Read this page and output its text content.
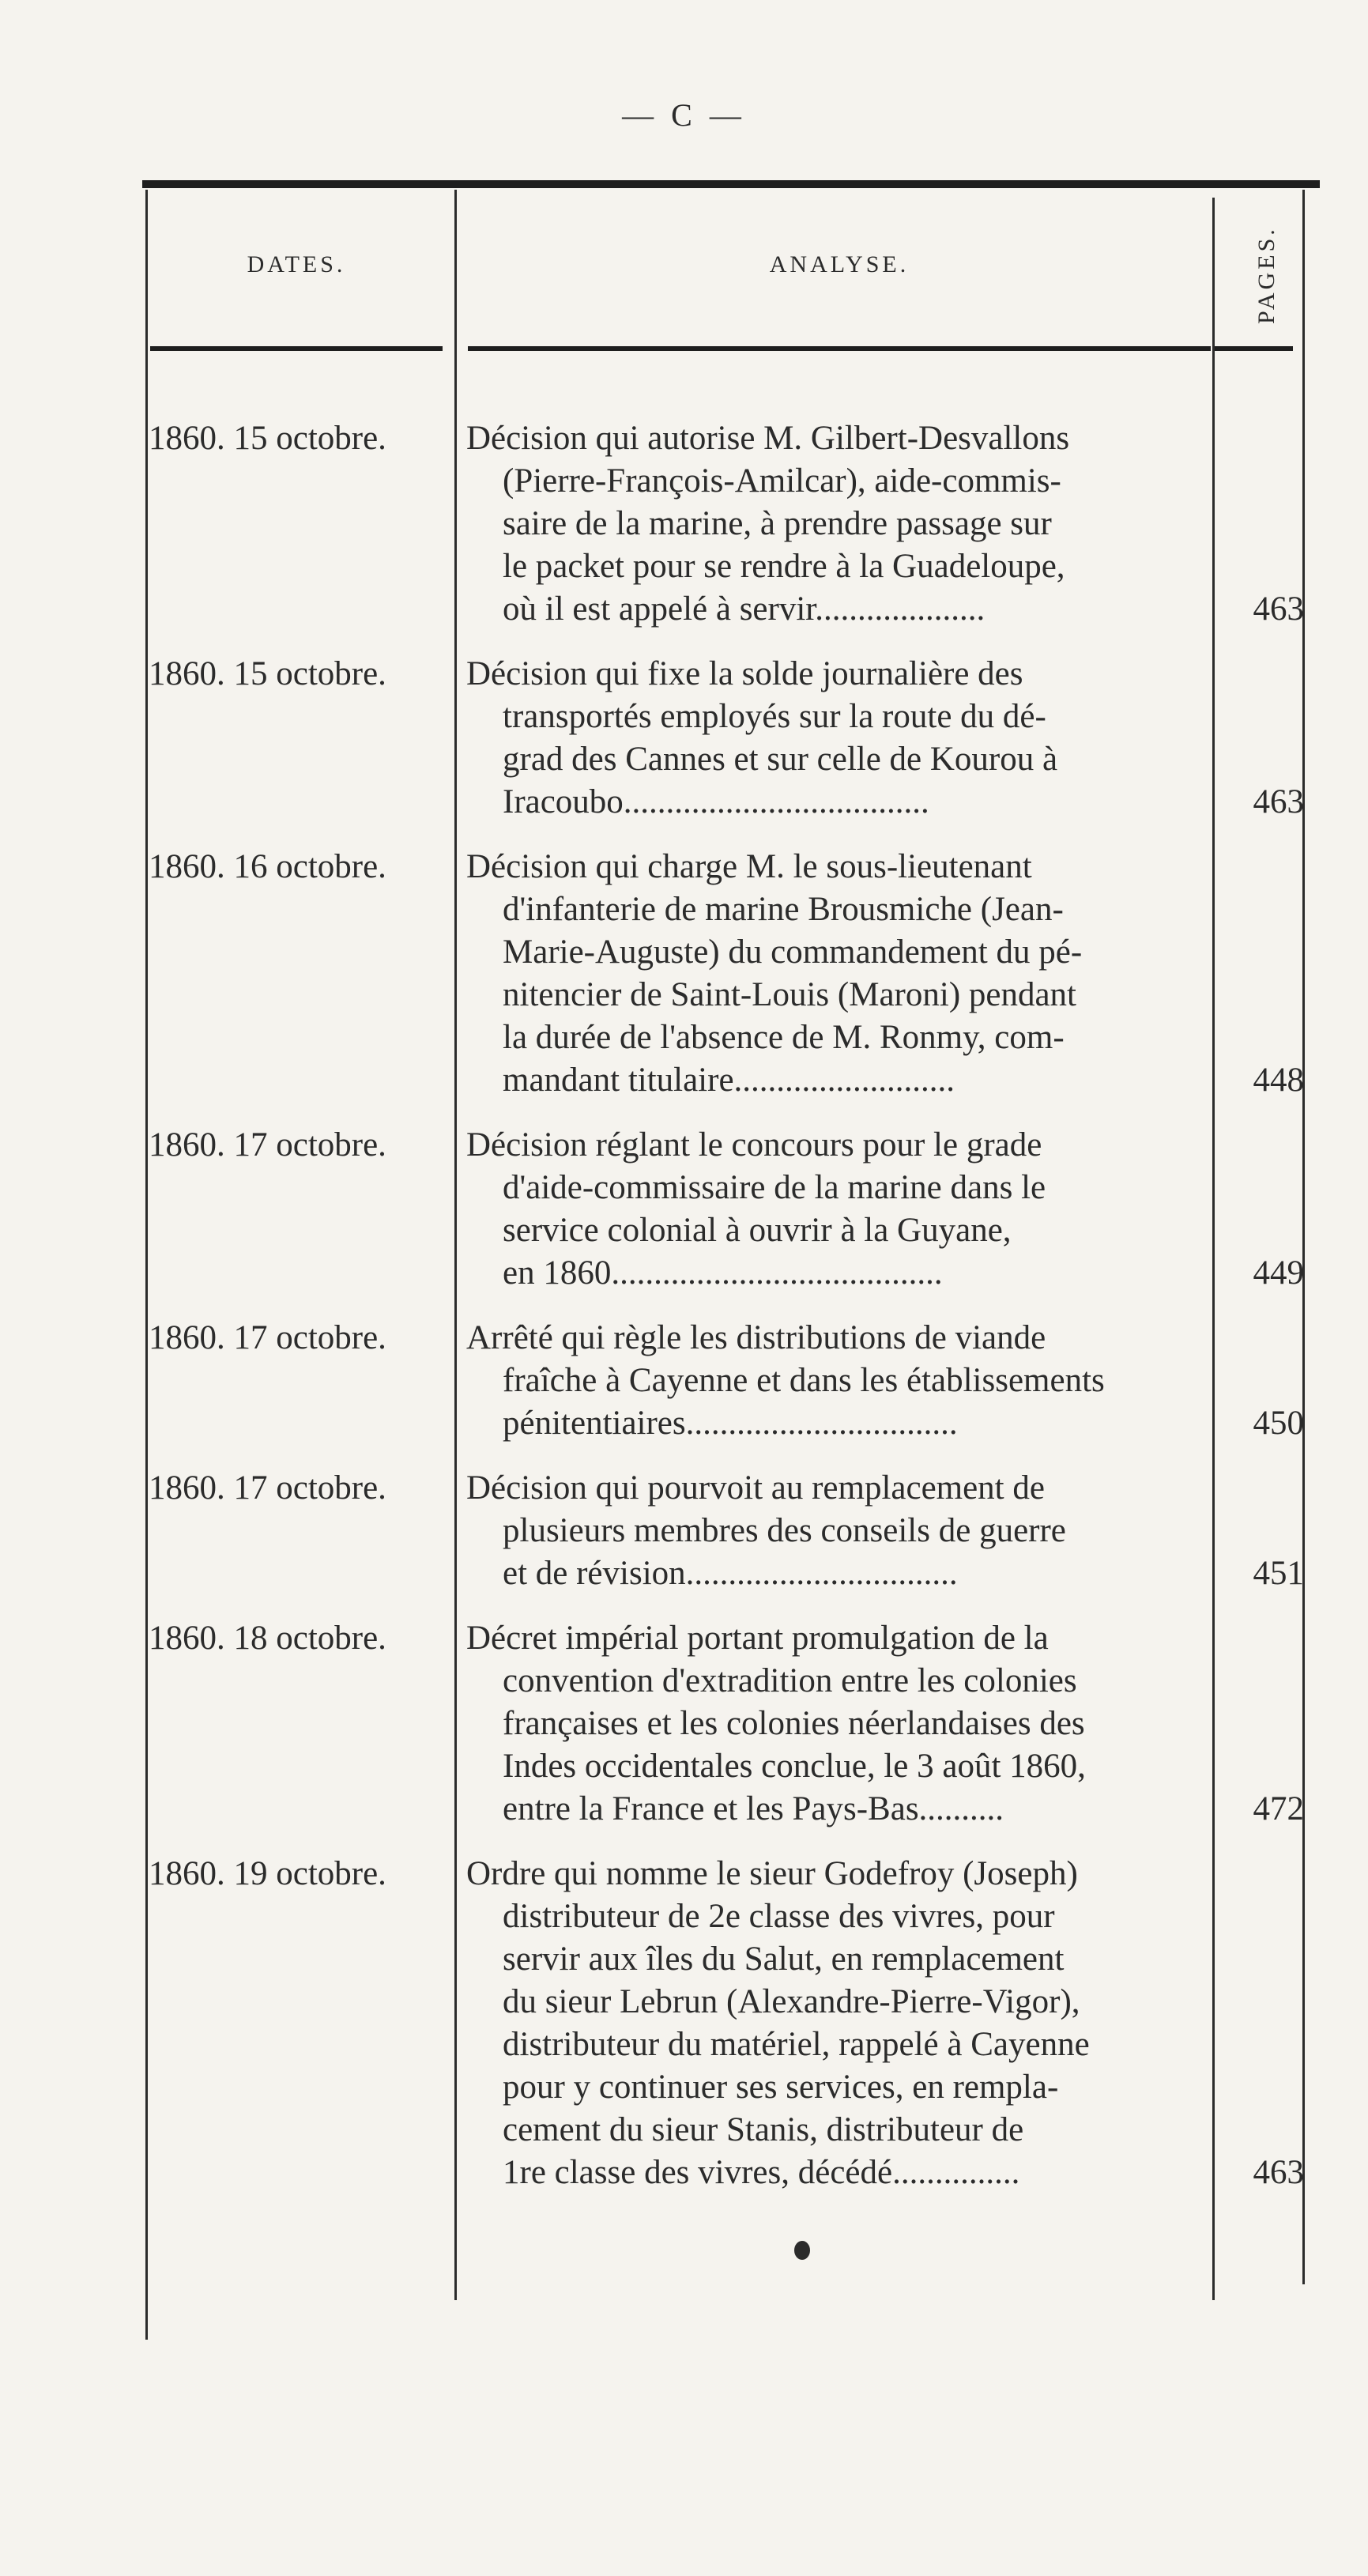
— C —
DATES.	ANALYSE.	PAGES.
1860. 15 octobre. Décision qui autorise M. Gilbert-Desvallons

(Pierre-François-Amilcar), aide-commis-

saire de la marine, à prendre passage sur

le packet pour se rendre à la Guadeloupe,

où il est appelé à servir....................	463
1860. 15 octobre. Décision qui fixe la solde journalière des

transportés employés sur la route du dé-

grad des Cannes et sur celle de Kourou à

Iracoubo....................................	463
1860. 16 octobre. Décision qui charge M. le sous-lieutenant

d'infanterie de marine Brousmiche (Jean-

Marie-Auguste) du commandement du pé-

nitencier de Saint-Louis (Maroni) pendant

la durée de l'absence de M. Ronmy, com-

mandant titulaire..........................	448
1860. 17 octobre. Décision réglant le concours pour le grade

d'aide-commissaire de la marine dans le

service colonial à ouvrir à la Guyane,

en 1860.......................................	449
1860. 17 octobre. Arrêté qui règle les distributions de viande

fraîche à Cayenne et dans les établissements

pénitentiaires................................	450
1860. 17 octobre. Décision qui pourvoit au remplacement de

plusieurs membres des conseils de guerre

et de révision................................	451
1860. 18 octobre. Décret impérial portant promulgation de la

convention d'extradition entre les colonies

françaises et les colonies néerlandaises des

Indes occidentales conclue, le 3 août 1860,

entre la France et les Pays-Bas..........	472
1860. 19 octobre. Ordre qui nomme le sieur Godefroy (Joseph)

distributeur de 2e classe des vivres, pour

servir aux îles du Salut, en remplacement

du sieur Lebrun (Alexandre-Pierre-Vigor),

distributeur du matériel, rappelé à Cayenne

pour y continuer ses services, en rempla-

cement du sieur Stanis, distributeur de

1re classe des vivres, décédé...............	463
